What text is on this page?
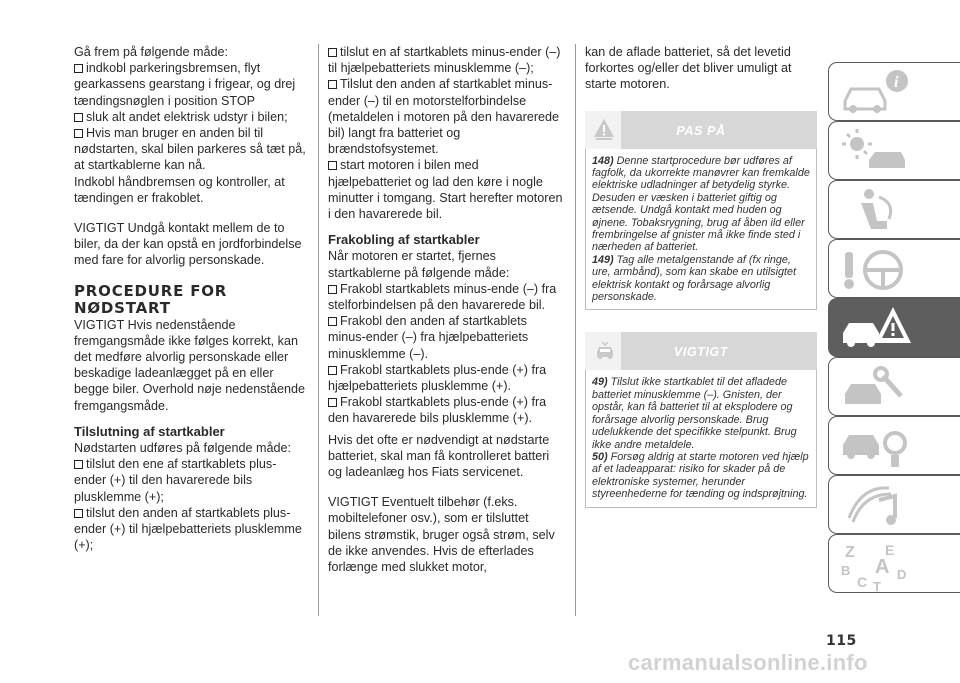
Gå frem på følgende måde:

indkobl parkeringsbremsen, flyt gearkassens gearstang i frigear, og drej tændingsnøglen i position STOP

sluk alt andet elektrisk udstyr i bilen;

Hvis man bruger en anden bil til nødstarten, skal bilen parkeres så tæt på, at startkablerne kan nå.

Indkobl håndbremsen og kontroller, at tændingen er frakoblet.

VIGTIGT Undgå kontakt mellem de to biler, da der kan opstå en jordforbindelse med fare for alvorlig personskade.

PROCEDURE FOR NØDSTART

VIGTIGT Hvis nedenstående fremgangsmåde ikke følges korrekt, kan det medføre alvorlig personskade eller beskadige ladeanlægget på en eller begge biler. Overhold nøje nedenstående fremgangsmåde.

Tilslutning af startkabler

Nødstarten udføres på følgende måde:

tilslut den ene af startkablets plus-ender (+) til den havarerede bils plusklemme (+);

tilslut den anden af startkablets plus-ender (+) til hjælpebatteriets plusklemme (+);

tilslut en af startkablets minus-ender (–) til hjælpebatteriets minusklemme (–);

Tilslut den anden af startkablet minus-ender (–) til en motorstelforbindelse (metaldelen i motoren på den havarerede bil) langt fra batteriet og brændstofsystemet.

start motoren i bilen med hjælpebatteriet og lad den køre i nogle minutter i tomgang. Start herefter motoren i den havarerede bil.

Frakobling af startkabler

Når motoren er startet, fjernes startkablerne på følgende måde:

Frakobl startkablets minus-ende (–) fra stelforbindelsen på den havarerede bil.

Frakobl den anden af startkablets minus-ender (–) fra hjælpebatteriets minusklemme (–).

Frakobl startkablets plus-ende (+) fra hjælpebatteriets plusklemme (+).

Frakobl startkablets plus-ende (+) fra den havarerede bils plusklemme (+).

Hvis det ofte er nødvendigt at nødstarte batteriet, skal man få kontrolleret batteri og ladeanlæg hos Fiats servicenet.

VIGTIGT Eventuelt tilbehør (f.eks. mobiltelefoner osv.), som er tilsluttet bilens strømstik, bruger også strøm, selv de ikke anvendes. Hvis de efterlades forlænge med slukket motor,

kan de aflade batteriet, så det levetid forkortes og/eller det bliver umuligt at starte motoren.

PAS PÅ

148) Denne startprocedure bør udføres af fagfolk, da ukorrekte manøvrer kan fremkalde elektriske udladninger af betydelig styrke. Desuden er væsken i batteriet giftig og ætsende. Undgå kontakt med huden og øjnene. Tobaksrygning, brug af åben ild eller frembringelse af gnister må ikke finde sted i nærheden af batteriet.

149) Tag alle metalgenstande af (fx ringe, ure, armbånd), som kan skabe en utilsigtet elektrisk kontakt og forårsage alvorlig personskade.

VIGTIGT

49) Tilslut ikke startkablet til det afladede batteriet minusklemme (–). Gnisten, der opstår, kan få batteriet til at eksplodere og forårsage alvorlig personskade. Brug udelukkende det specifikke stelpunkt. Brug ikke andre metaldele.

50) Forsøg aldrig at starte motoren ved hjælp af et ladeapparat: risiko for skader på de elektroniske systemer, herunder styreenhederne for tænding og indsprøjtning.

i
Z E
B A D
C T
115
carmanualsonline.info
